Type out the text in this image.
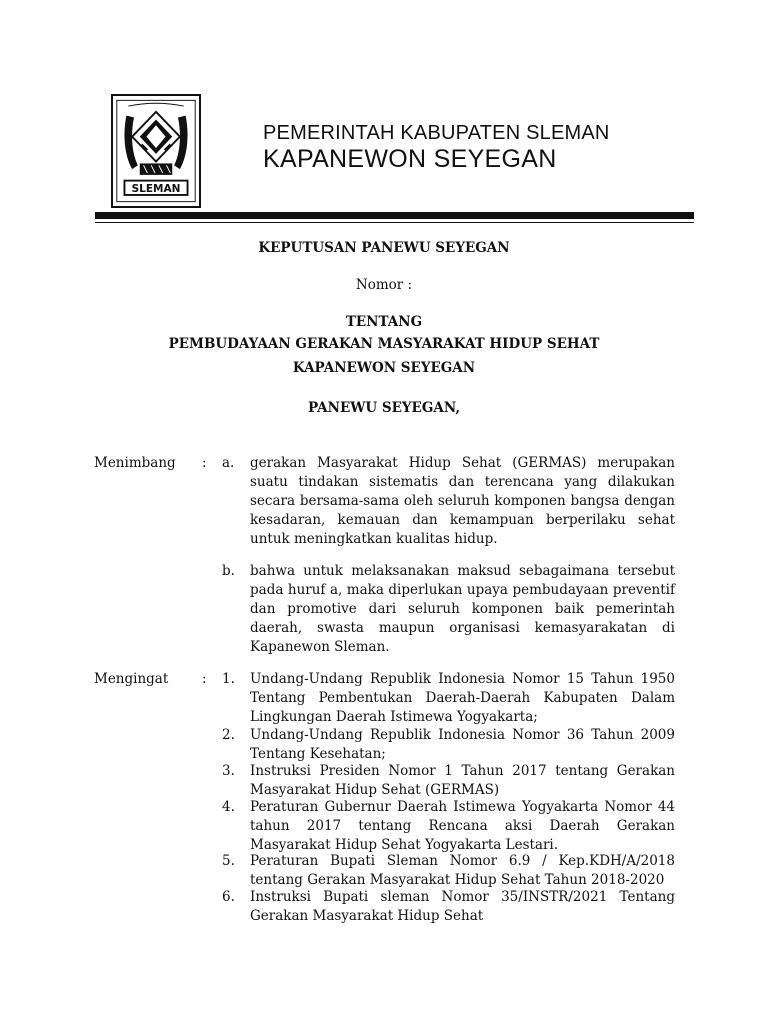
SLEMAN
PEMERINTAH KABUPATEN SLEMAN
KAPANEWON SEYEGAN
KEPUTUSAN PANEWU SEYEGAN
Nomor :
TENTANG
PEMBUDAYAAN GERAKAN MASYARAKAT HIDUP SEHAT
KAPANEWON SEYEGAN
PANEWU SEYEGAN,
Menimbang : a. gerakan Masyarakat Hidup Sehat (GERMAS) merupakan suatu tindakan sistematis dan terencana yang dilakukan secara bersama-sama oleh seluruh komponen bangsa dengan kesadaran, kemauan dan kemampuan berperilaku sehat untuk meningkatkan kualitas hidup.
b. bahwa untuk melaksanakan maksud sebagaimana tersebut pada huruf a, maka diperlukan upaya pembudayaan preventif dan promotive dari seluruh komponen baik pemerintah daerah, swasta maupun organisasi kemasyarakatan di Kapanewon Sleman.
Mengingat : 1. Undang-Undang Republik Indonesia Nomor 15 Tahun 1950 Tentang Pembentukan Daerah-Daerah Kabupaten Dalam Lingkungan Daerah Istimewa Yogyakarta;
2. Undang-Undang Republik Indonesia Nomor 36 Tahun 2009 Tentang Kesehatan;
3. Instruksi Presiden Nomor 1 Tahun 2017 tentang Gerakan Masyarakat Hidup Sehat (GERMAS)
4. Peraturan Gubernur Daerah Istimewa Yogyakarta Nomor 44 tahun 2017 tentang Rencana aksi Daerah Gerakan Masyarakat Hidup Sehat Yogyakarta Lestari.
5. Peraturan Bupati Sleman Nomor 6.9 / Kep.KDH/A/2018 tentang Gerakan Masyarakat Hidup Sehat Tahun 2018-2020
6. Instruksi Bupati sleman Nomor 35/INSTR/2021 Tentang Gerakan Masyarakat Hidup Sehat
